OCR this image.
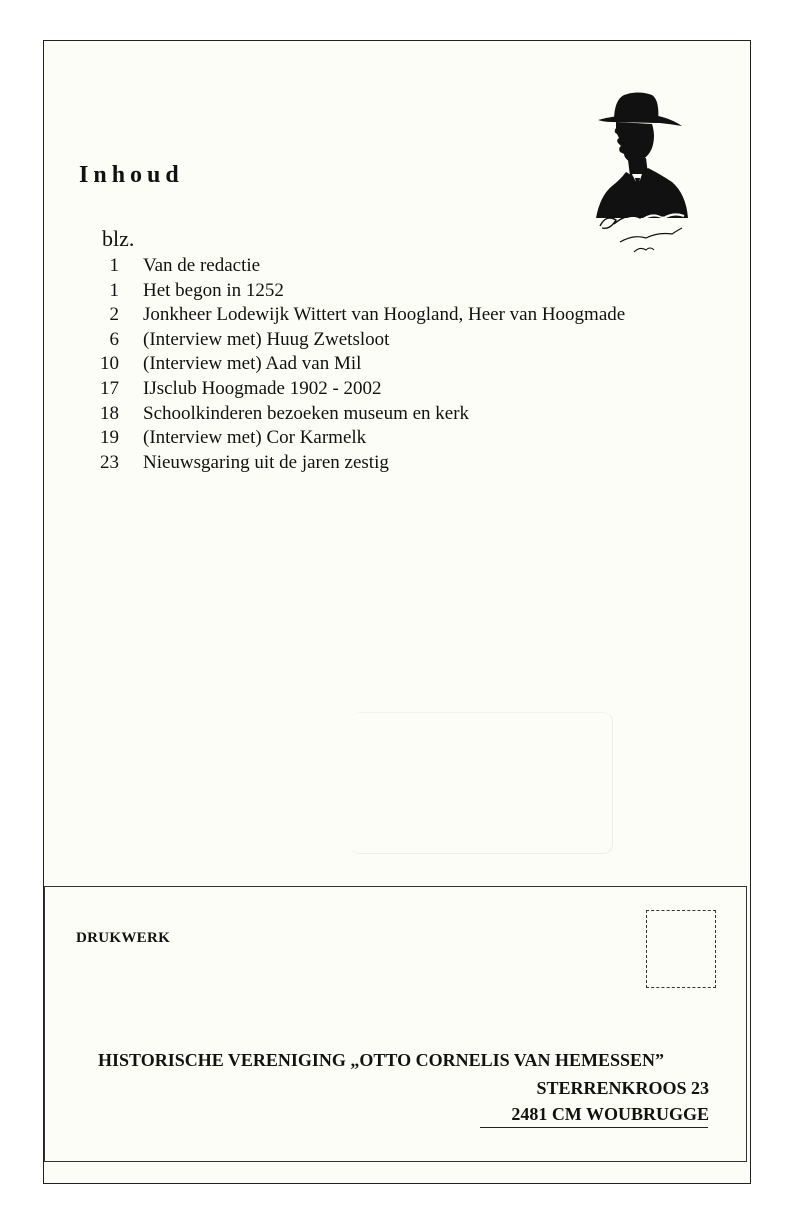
Inhoud
blz.
1 Van de redactie
1 Het begon in 1252
2 Jonkheer Lodewijk Wittert van Hoogland, Heer van Hoogmade
6 (Interview met) Huug Zwetsloot
10 (Interview met) Aad van Mil
17 IJsclub Hoogmade 1902 - 2002
18 Schoolkinderen bezoeken museum en kerk
19 (Interview met) Cor Karmelk
23 Nieuwsgaring uit de jaren zestig
DRUKWERK
HISTORISCHE VERENIGING „OTTO CORNELIS VAN HEMESSEN”
STERRENKROOS 23
2481 CM WOUBRUGGE
